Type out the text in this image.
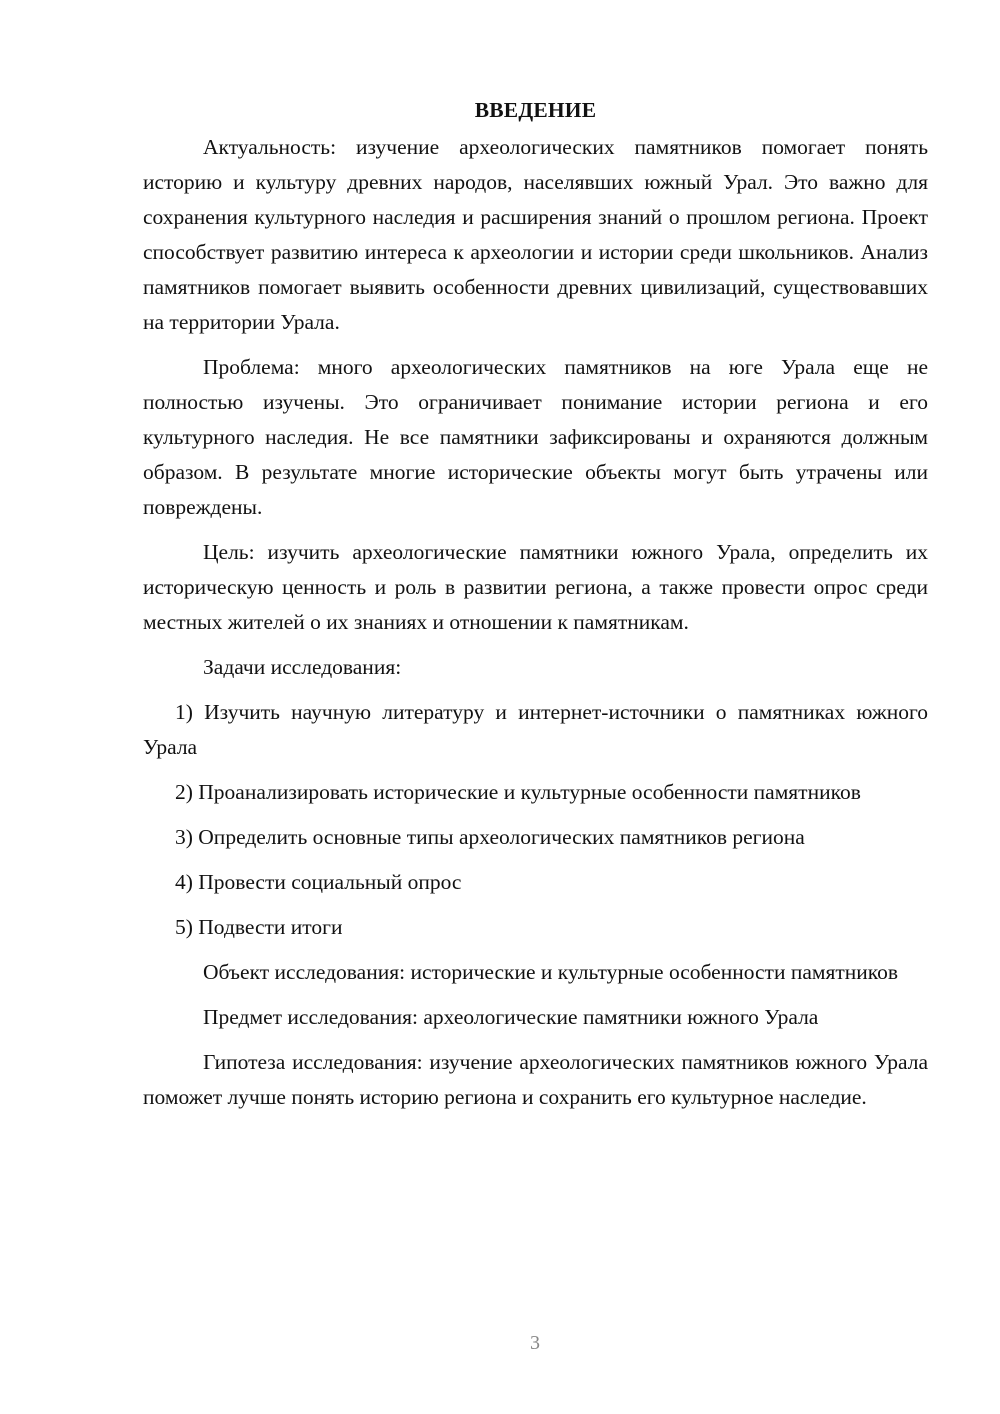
ВВЕДЕНИЕ

Актуальность: изучение археологических памятников помогает понять историю и культуру древних народов, населявших южный Урал. Это важно для сохранения культурного наследия и расширения знаний о прошлом региона. Проект способствует развитию интереса к археологии и истории среди школьников. Анализ памятников помогает выявить особенности древних цивилизаций, существовавших на территории Урала.

Проблема: много археологических памятников на юге Урала еще не полностью изучены. Это ограничивает понимание истории региона и его культурного наследия. Не все памятники зафиксированы и охраняются должным образом. В результате многие исторические объекты могут быть утрачены или повреждены.

Цель: изучить археологические памятники южного Урала, определить их историческую ценность и роль в развитии региона, а также провести опрос среди местных жителей о их знаниях и отношении к памятникам.

Задачи исследования:

1) Изучить научную литературу и интернет-источники о памятниках южного Урала

2) Проанализировать исторические и культурные особенности памятников

3) Определить основные типы археологических памятников региона

4) Провести социальный опрос

5) Подвести итоги

Объект исследования: исторические и культурные особенности памятников

Предмет исследования: археологические памятники южного Урала

Гипотеза исследования: изучение археологических памятников южного Урала поможет лучше понять историю региона и сохранить его культурное наследие.

3
